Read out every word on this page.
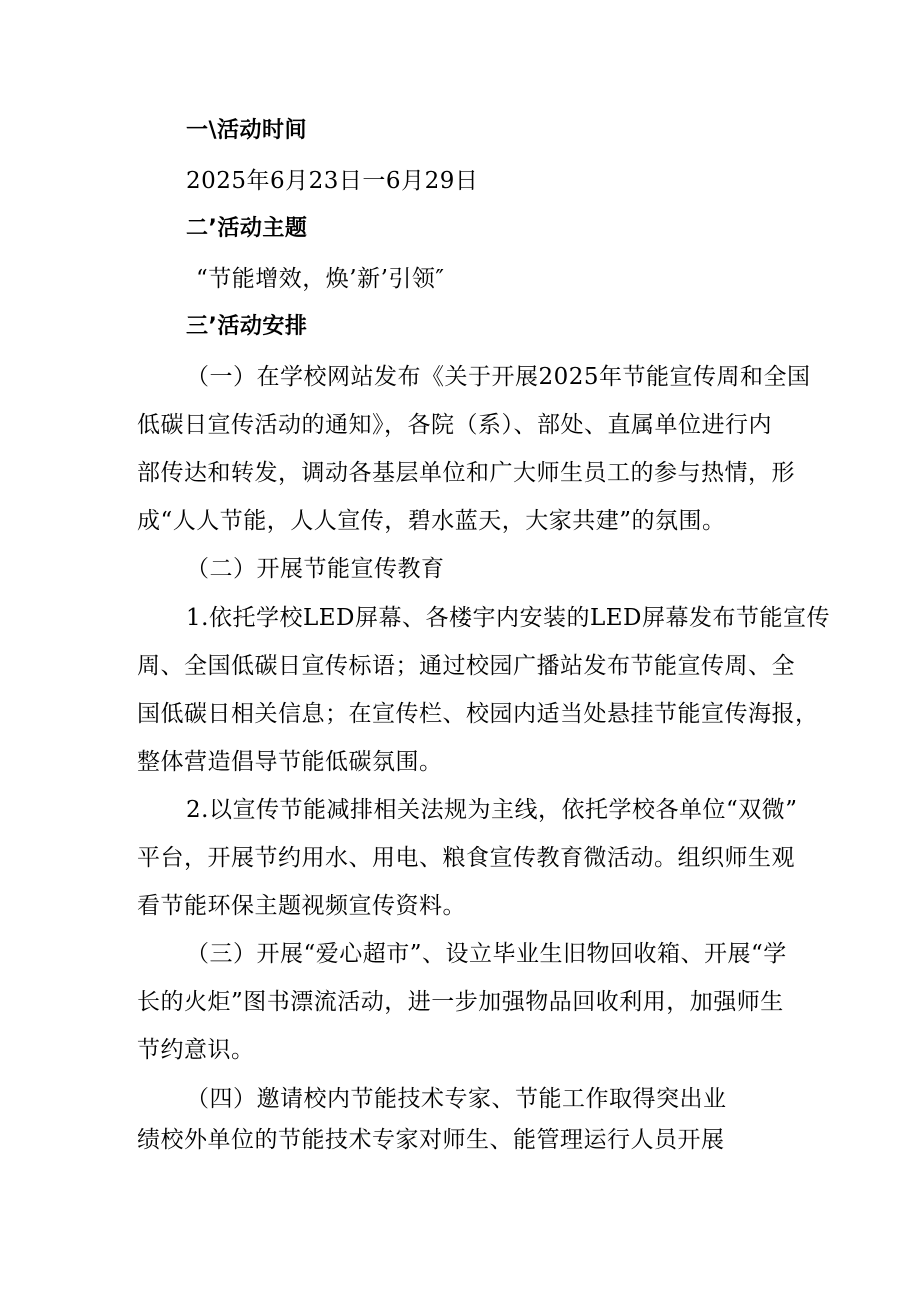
一\活动时间
2025年6月23日一6月29日
二’活动主题
“节能增效，焕’新’引领″
三’活动安排
（一）在学校网站发布《关于开展2025年节能宣传周和全国
低碳日宣传活动的通知》，各院（系）、部处、直属单位进行内
部传达和转发，调动各基层单位和广大师生员工的参与热情，形
成“人人节能，人人宣传，碧水蓝天，大家共建”的氛围。
（二）开展节能宣传教育
1.依托学校LED屏幕、各楼宇内安装的LED屏幕发布节能宣传
周、全国低碳日宣传标语；通过校园广播站发布节能宣传周、全
国低碳日相关信息；在宣传栏、校园内适当处悬挂节能宣传海报，
整体营造倡导节能低碳氛围。
2.以宣传节能减排相关法规为主线，依托学校各单位“双微”
平台，开展节约用水、用电、粮食宣传教育微活动。组织师生观
看节能环保主题视频宣传资料。
（三）开展“爱心超市”、设立毕业生旧物回收箱、开展“学
长的火炬”图书漂流活动，进一步加强物品回收利用，加强师生
节约意识。
（四）邀请校内节能技术专家、节能工作取得突出业
绩校外单位的节能技术专家对师生、能管理运行人员开展
